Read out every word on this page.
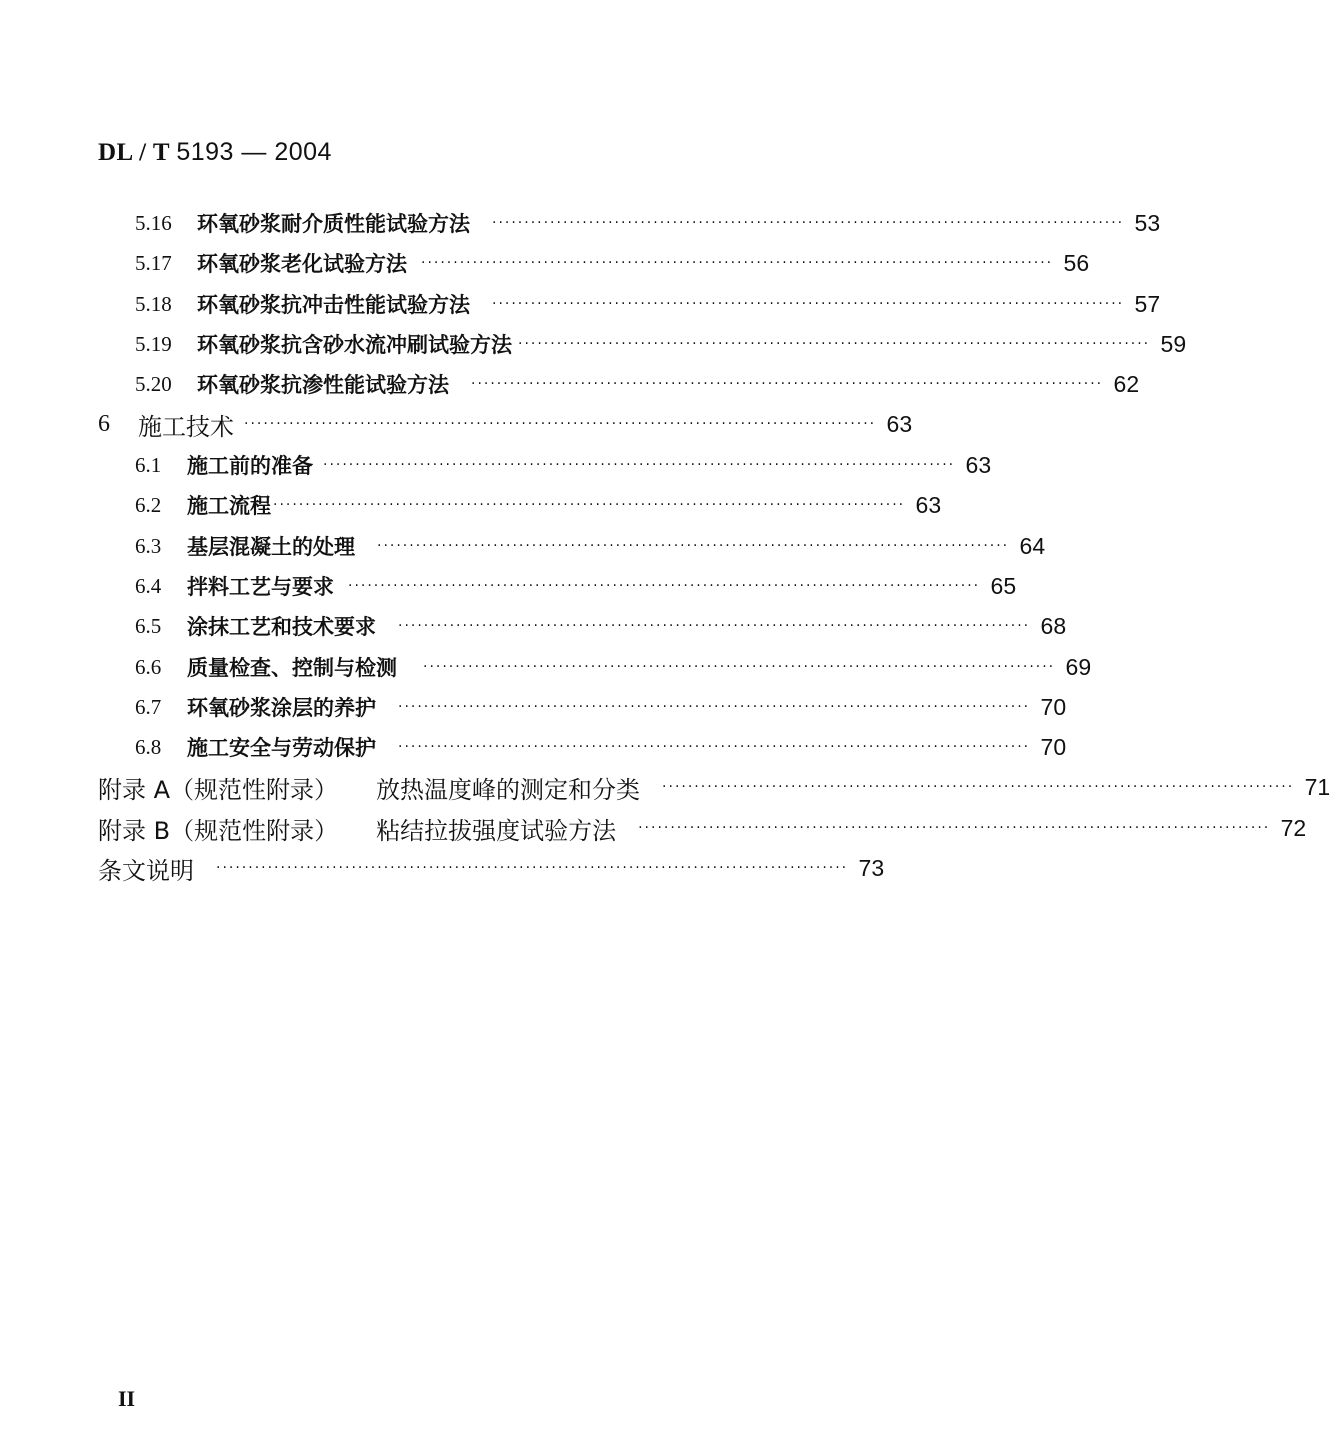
DL / T 5193 — 2004
5.16	环氧砂浆耐介质性能试验方法 ·································································································· 53
5.17	环氧砂浆老化试验方法 ·································································································· 56
5.18	环氧砂浆抗冲击性能试验方法 ·································································································· 57
5.19	环氧砂浆抗含砂水流冲刷试验方法 ·································································································· 59
5.20	环氧砂浆抗渗性能试验方法 ·································································································· 62
6	施工技术 ·································································································· 63
6.1	施工前的准备 ·································································································· 63
6.2	施工流程 ·································································································· 63
6.3	基层混凝土的处理 ·································································································· 64
6.4	拌料工艺与要求 ·································································································· 65
6.5	涂抹工艺和技术要求 ·································································································· 68
6.6	质量检查、控制与检测 ·································································································· 69
6.7	环氧砂浆涂层的养护 ·································································································· 70
6.8	施工安全与劳动保护 ·································································································· 70
附录 A （规范性附录） 放热温度峰的测定和分类 ·································································································· 71
附录 B （规范性附录） 粘结拉拔强度试验方法 ·································································································· 72
条文说明 ·································································································· 73
II
